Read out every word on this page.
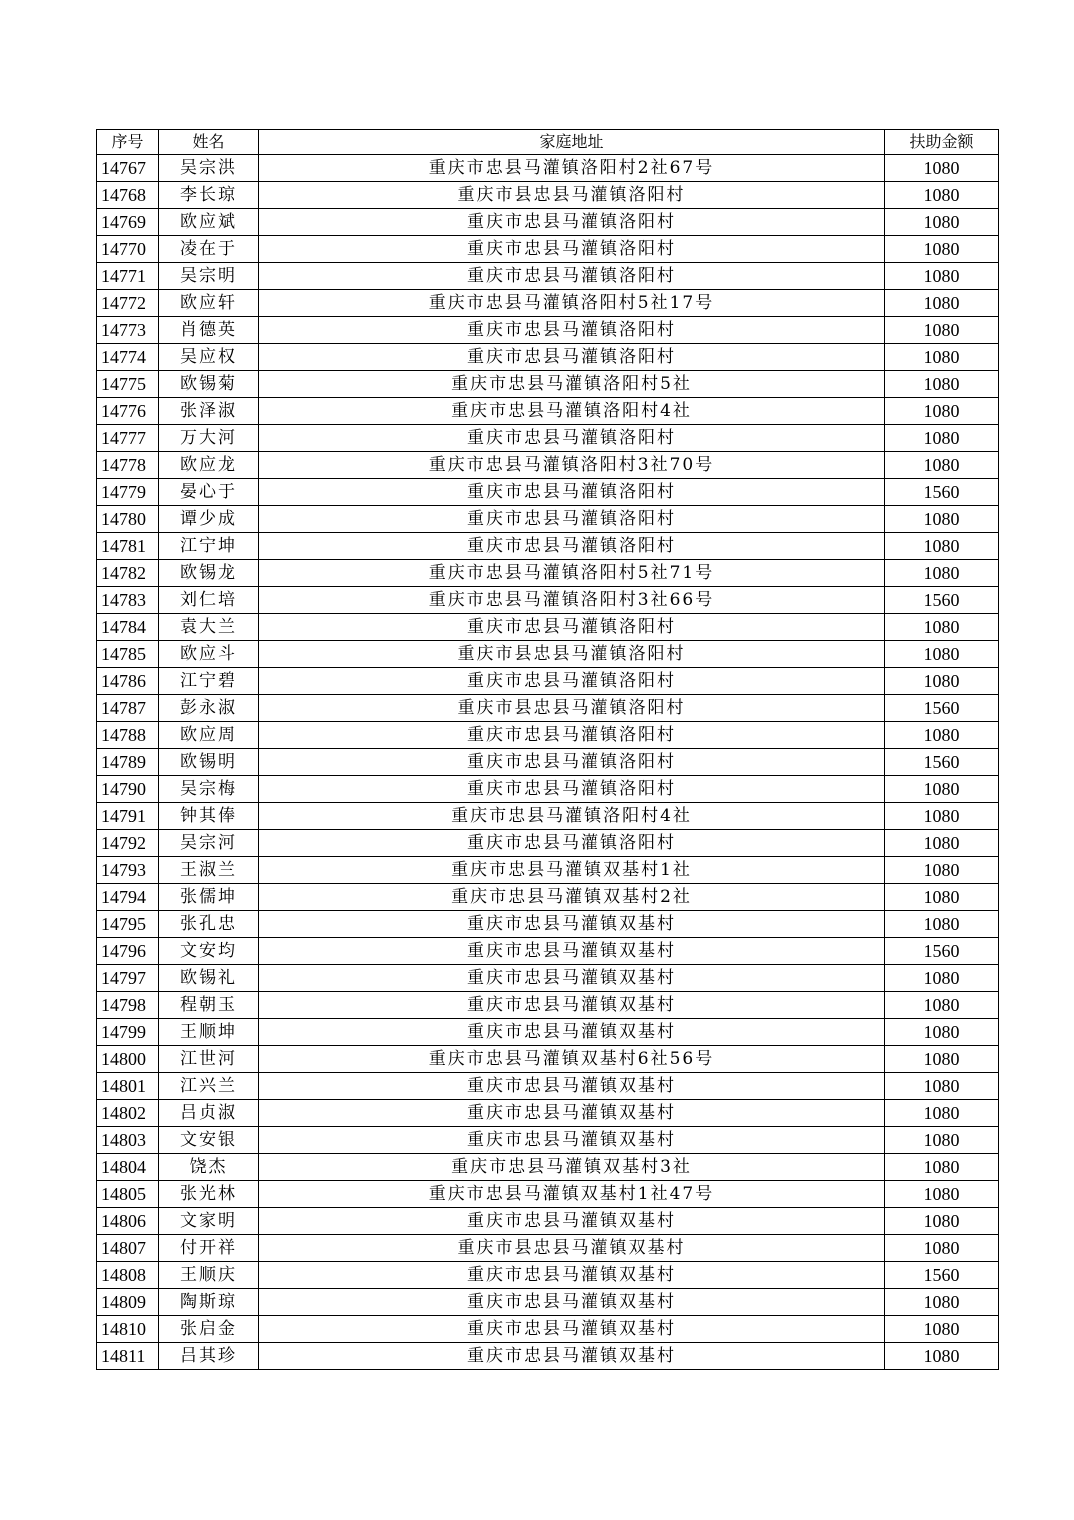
序号	姓名	家庭地址	扶助金额
14767	吴宗洪	重庆市忠县马灌镇洛阳村2社67号	1080
14768	李长琼	重庆市县忠县马灌镇洛阳村	1080
14769	欧应斌	重庆市忠县马灌镇洛阳村	1080
14770	凌在于	重庆市忠县马灌镇洛阳村	1080
14771	吴宗明	重庆市忠县马灌镇洛阳村	1080
14772	欧应轩	重庆市忠县马灌镇洛阳村5社17号	1080
14773	肖德英	重庆市忠县马灌镇洛阳村	1080
14774	吴应权	重庆市忠县马灌镇洛阳村	1080
14775	欧锡菊	重庆市忠县马灌镇洛阳村5社	1080
14776	张泽淑	重庆市忠县马灌镇洛阳村4社	1080
14777	万大河	重庆市忠县马灌镇洛阳村	1080
14778	欧应龙	重庆市忠县马灌镇洛阳村3社70号	1080
14779	晏心于	重庆市忠县马灌镇洛阳村	1560
14780	谭少成	重庆市忠县马灌镇洛阳村	1080
14781	江宁坤	重庆市忠县马灌镇洛阳村	1080
14782	欧锡龙	重庆市忠县马灌镇洛阳村5社71号	1080
14783	刘仁培	重庆市忠县马灌镇洛阳村3社66号	1560
14784	袁大兰	重庆市忠县马灌镇洛阳村	1080
14785	欧应斗	重庆市县忠县马灌镇洛阳村	1080
14786	江宁碧	重庆市忠县马灌镇洛阳村	1080
14787	彭永淑	重庆市县忠县马灌镇洛阳村	1560
14788	欧应周	重庆市忠县马灌镇洛阳村	1080
14789	欧锡明	重庆市忠县马灌镇洛阳村	1560
14790	吴宗梅	重庆市忠县马灌镇洛阳村	1080
14791	钟其俸	重庆市忠县马灌镇洛阳村4社	1080
14792	吴宗河	重庆市忠县马灌镇洛阳村	1080
14793	王淑兰	重庆市忠县马灌镇双基村1社	1080
14794	张儒坤	重庆市忠县马灌镇双基村2社	1080
14795	张孔忠	重庆市忠县马灌镇双基村	1080
14796	文安均	重庆市忠县马灌镇双基村	1560
14797	欧锡礼	重庆市忠县马灌镇双基村	1080
14798	程朝玉	重庆市忠县马灌镇双基村	1080
14799	王顺坤	重庆市忠县马灌镇双基村	1080
14800	江世河	重庆市忠县马灌镇双基村6社56号	1080
14801	江兴兰	重庆市忠县马灌镇双基村	1080
14802	吕贞淑	重庆市忠县马灌镇双基村	1080
14803	文安银	重庆市忠县马灌镇双基村	1080
14804	饶杰	重庆市忠县马灌镇双基村3社	1080
14805	张光林	重庆市忠县马灌镇双基村1社47号	1080
14806	文家明	重庆市忠县马灌镇双基村	1080
14807	付开祥	重庆市县忠县马灌镇双基村	1080
14808	王顺庆	重庆市忠县马灌镇双基村	1560
14809	陶斯琼	重庆市忠县马灌镇双基村	1080
14810	张启金	重庆市忠县马灌镇双基村	1080
14811	吕其珍	重庆市忠县马灌镇双基村	1080
